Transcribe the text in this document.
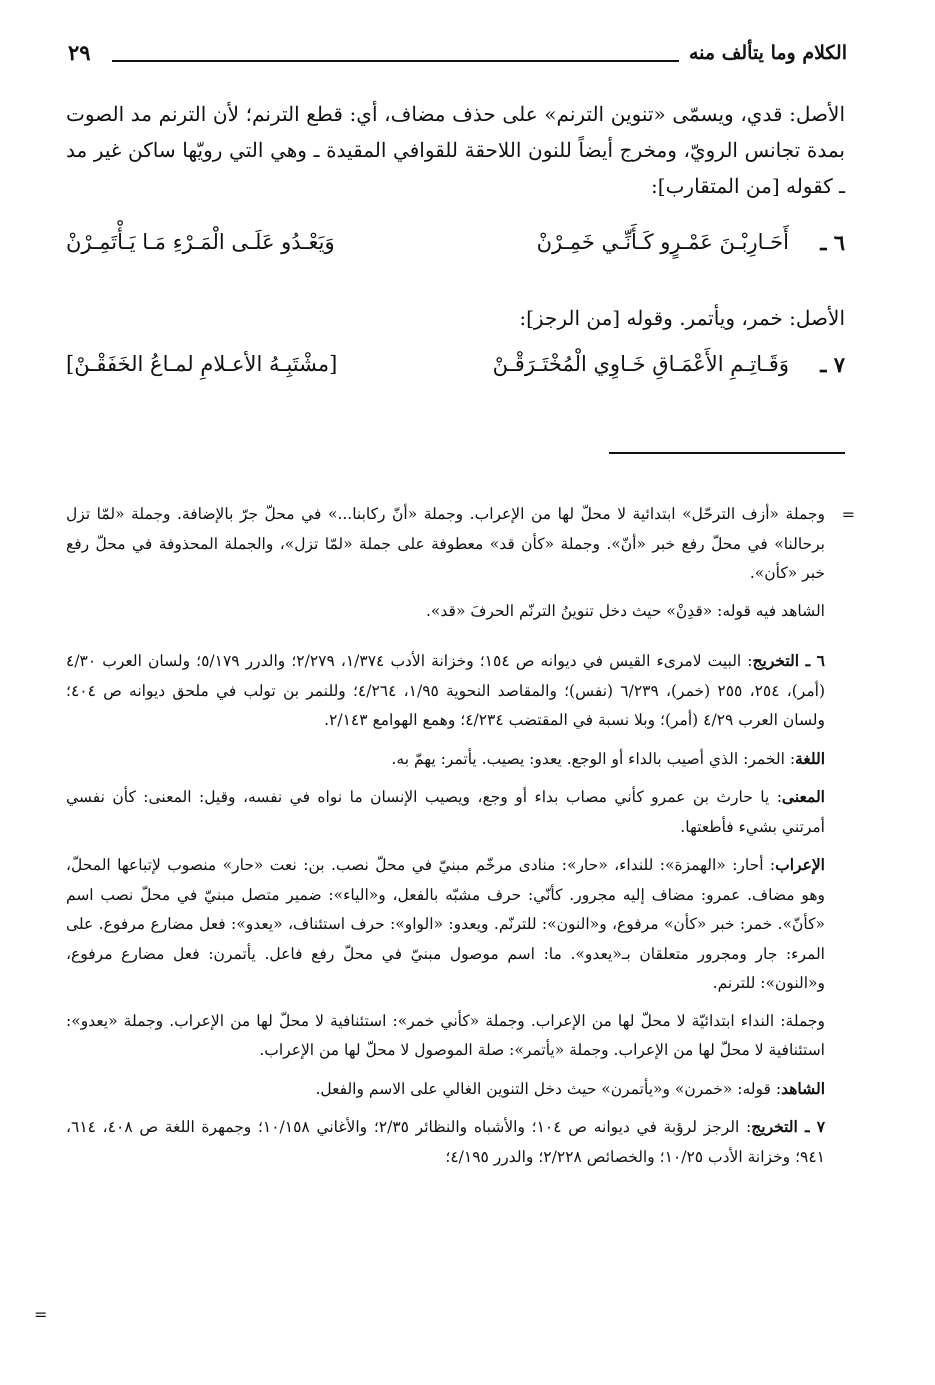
الكلام وما يتألف منه
٢٩

الأصل: قدي، ويسمّى «تنوين الترنم» على حذف مضاف، أي: قطع الترنم؛ لأن الترنم مد الصوت بمدة تجانس الرويّ، ومخرج أيضاً للنون اللاحقة للقوافي المقيدة ـ وهي التي رويّها ساكن غير مد ـ كقوله [من المتقارب]:

٦ ـ
أَحَـارِبْـنَ عَمْـرٍو كَـأَنِّـي خَمِـرْنْ
وَيَعْـدُو عَلَـى الْمَـرْءِ مَـا يَـأْتَمِـرْنْ

الأصل: خمر، ويأتمر. وقوله [من الرجز]:

٧ ـ
وَقَـاتِـمِ الأَعْمَـاقِ خَـاوِي الْمُخْتَـرَقْـنْ
[مشْتَبِـهُ الأعـلامِ لمـاعُ الخَفَقْـنْ]
=
=

وجملة «أزف الترحّل» ابتدائية لا محلّ لها من الإعراب. وجملة «أنّ ركابنا...» في محلّ جرّ بالإضافة. وجملة «لمّا تزل برحالنا» في محلّ رفع خبر «أنّ». وجملة «كأن قد» معطوفة على جملة «لمّا تزل»، والجملة المحذوفة في محلّ رفع خبر «كأن».

الشاهد فيه قوله: «قدِنْ» حيث دخل تنوينُ الترنّم الحرفَ «قد».

٦ ـ التخريج: البيت لامرىء القيس في ديوانه ص ١٥٤؛ وخزانة الأدب ١/٣٧٤، ٢/٢٧٩؛ والدرر ٥/١٧٩؛ ولسان العرب ٤/٣٠ (أمر)، ٢٥٤، ٢٥٥ (خمر)، ٦/٢٣٩ (نفس)؛ والمقاصد النحوية ١/٩٥، ٤/٢٦٤؛ وللنمر بن تولب في ملحق ديوانه ص ٤٠٤؛ ولسان العرب ٤/٢٩ (أمر)؛ وبلا نسبة في المقتضب ٤/٢٣٤؛ وهمع الهوامع ٢/١٤٣.

اللغة: الخمر: الذي أصيب بالداء أو الوجع. يعدو: يصيب. يأتمر: يهمّ به.

المعنى: يا حارث بن عمرو كأني مصاب بداء أو وجع، ويصيب الإنسان ما نواه في نفسه، وقيل: المعنى: كأن نفسي أمرتني بشيء فأطعتها.

الإعراب: أحار: «الهمزة»: للنداء، «حار»: منادى مرخّم مبنيّ في محلّ نصب. بن: نعت «حار» منصوب لإتباعها المحلّ، وهو مضاف. عمرو: مضاف إليه مجرور. كأنّي: حرف مشبّه بالفعل، و«الياء»: ضمير متصل مبنيّ في محلّ نصب اسم «كأنّ». خمر: خبر «كأن» مرفوع، و«النون»: للترنّم. ويعدو: «الواو»: حرف استئناف، «يعدو»: فعل مضارع مرفوع. على المرء: جار ومجرور متعلقان بـ«يعدو». ما: اسم موصول مبنيّ في محلّ رفع فاعل. يأتمرن: فعل مضارع مرفوع، و«النون»: للترنم.

وجملة: النداء ابتدائيّة لا محلّ لها من الإعراب. وجملة «كأني خمر»: استئنافية لا محلّ لها من الإعراب. وجملة «يعدو»: استئنافية لا محلّ لها من الإعراب. وجملة «يأتمر»: صلة الموصول لا محلّ لها من الإعراب.

الشاهد: قوله: «خمرن» و«يأتمرن» حيث دخل التنوين الغالي على الاسم والفعل.

٧ ـ التخريج: الرجز لرؤبة في ديوانه ص ١٠٤؛ والأشباه والنظائر ٢/٣٥؛ والأغاني ١٠/١٥٨؛ وجمهرة اللغة ص ٤٠٨، ٦١٤، ٩٤١؛ وخزانة الأدب ١٠/٢٥؛ والخصائص ٢/٢٢٨؛ والدرر ٤/١٩٥؛
